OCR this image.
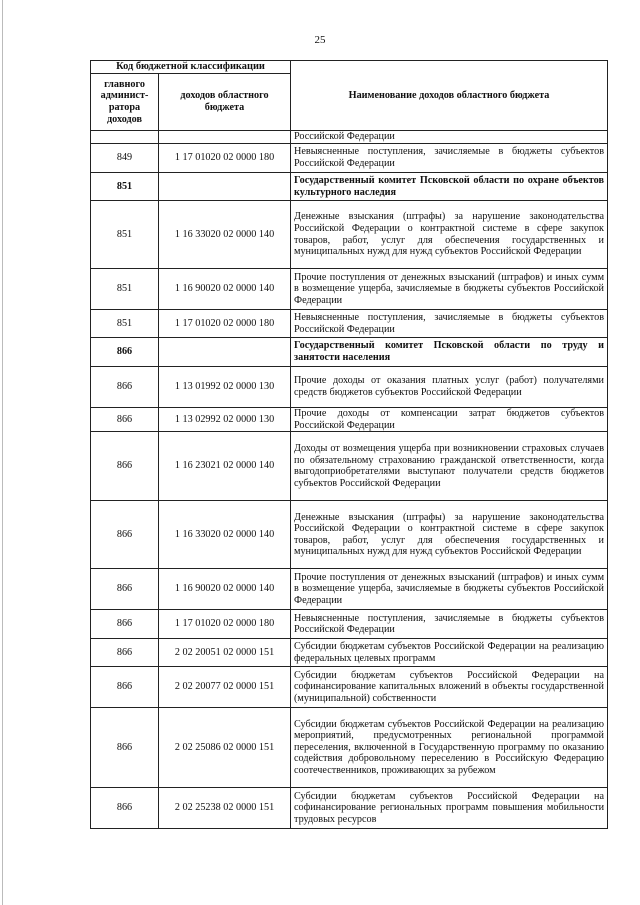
25
Код бюджетной классификации		Наименование доходов областного бюджета
главного админист-ратора доходов	доходов областного бюджета	
		Российской Федерации
849	1 17 01020 02 0000 180	Невыясненные поступления, зачисляемые в бюджеты субъектов Российской Федерации
851		Государственный комитет Псковской области по охране объектов культурного наследия
851	1 16 33020 02 0000 140	Денежные взыскания (штрафы) за нарушение законодательства Российской Федерации о контрактной системе в сфере закупок товаров, работ, услуг для обеспечения государственных и муниципальных нужд для нужд субъектов Российской Федерации
851	1 16 90020 02 0000 140	Прочие поступления от денежных взысканий (штрафов) и иных сумм в возмещение ущерба, зачисляемые в бюджеты субъектов Российской Федерации
851	1 17 01020 02 0000 180	Невыясненные поступления, зачисляемые в бюджеты субъектов Российской Федерации
866		Государственный комитет Псковской области по труду и занятости населения
866	1 13 01992 02 0000 130	Прочие доходы от оказания платных услуг (работ) получателями средств бюджетов субъектов Российской Федерации
866	1 13 02992 02 0000 130	Прочие доходы от компенсации затрат бюджетов субъектов Российской Федерации
866	1 16 23021 02 0000 140	Доходы от возмещения ущерба при возникновении страховых случаев по обязательному страхованию гражданской ответственности, когда выгодоприобретателями выступают получатели средств бюджетов субъектов Российской Федерации
866	1 16 33020 02 0000 140	Денежные взыскания (штрафы) за нарушение законодательства Российской Федерации о контрактной системе в сфере закупок товаров, работ, услуг для обеспечения государственных и муниципальных нужд для нужд субъектов Российской Федерации
866	1 16 90020 02 0000 140	Прочие поступления от денежных взысканий (штрафов) и иных сумм в возмещение ущерба, зачисляемые в бюджеты субъектов Российской Федерации
866	1 17 01020 02 0000 180	Невыясненные поступления, зачисляемые в бюджеты субъектов Российской Федерации
866	2 02 20051 02 0000 151	Субсидии бюджетам субъектов Российской Федерации на реализацию федеральных целевых программ
866	2 02 20077 02 0000 151	Субсидии бюджетам субъектов Российской Федерации на софинансирование капитальных вложений в объекты государственной (муниципальной) собственности
866	2 02 25086 02 0000 151	Субсидии бюджетам субъектов Российской Федерации на реализацию мероприятий, предусмотренных региональной программой переселения, включенной в Государственную программу по оказанию содействия добровольному переселению в Российскую Федерацию соотечественников, проживающих за рубежом
866	2 02 25238 02 0000 151	Субсидии бюджетам субъектов Российской Федерации на софинансирование региональных программ повышения мобильности трудовых ресурсов
